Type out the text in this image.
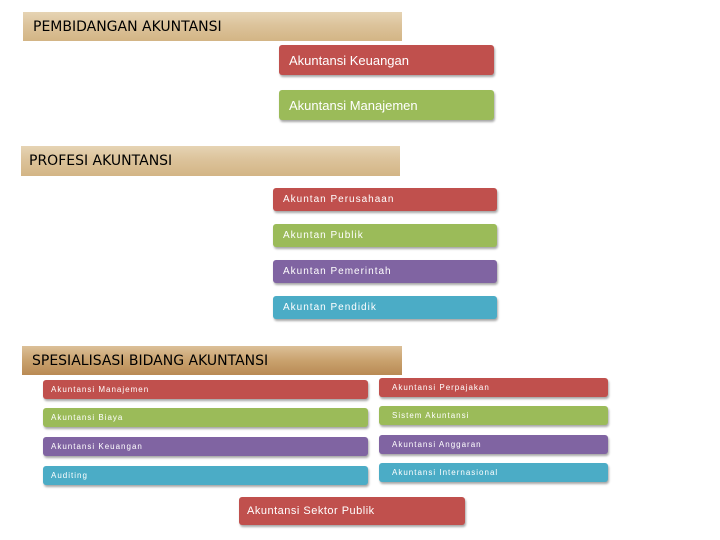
PEMBIDANGAN AKUNTANSI
Akuntansi Keuangan
Akuntansi Manajemen
PROFESI AKUNTANSI
Akuntan Perusahaan
Akuntan Publik
Akuntan Pemerintah
Akuntan Pendidik
SPESIALISASI BIDANG AKUNTANSI
Akuntansi Manajemen
Akuntansi Biaya
Akuntansi Keuangan
Auditing
Akuntansi Perpajakan
Sistem Akuntansi
Akuntansi Anggaran
Akuntansi Internasional
Akuntansi Sektor Publik
